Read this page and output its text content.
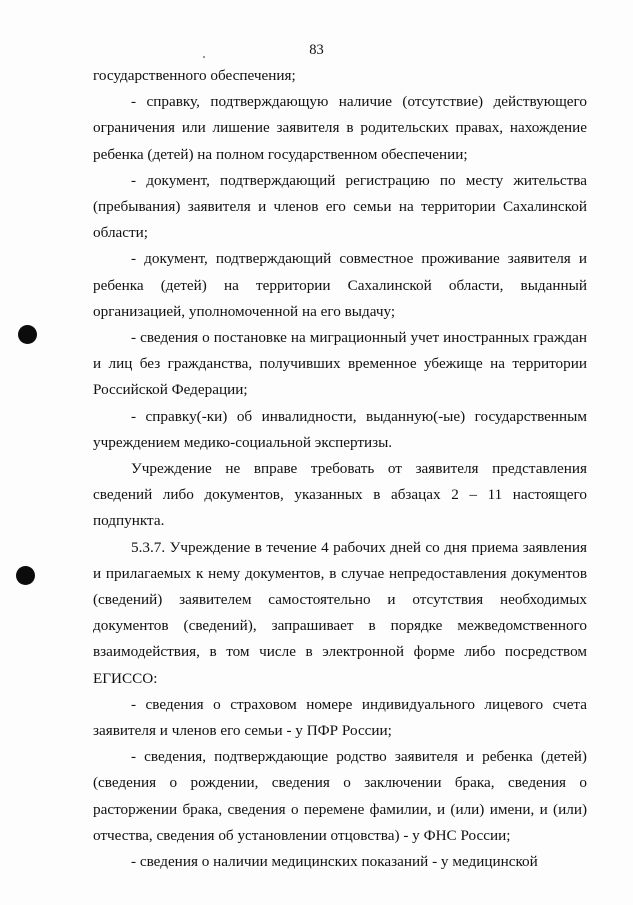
83

государственного обеспечения;

- справку, подтверждающую наличие (отсутствие) действующего ограничения или лишение заявителя в родительских правах, нахождение ребенка (детей) на полном государственном обеспечении;

- документ, подтверждающий регистрацию по месту жительства (пребывания) заявителя и членов его семьи на территории Сахалинской области;

- документ, подтверждающий совместное проживание заявителя и ребенка (детей) на территории Сахалинской области, выданный организацией, уполномоченной на его выдачу;

- сведения о постановке на миграционный учет иностранных граждан и лиц без гражданства, получивших временное убежище на территории Российской Федерации;

- справку(-ки) об инвалидности, выданную(-ые) государственным учреждением медико-социальной экспертизы.

Учреждение не вправе требовать от заявителя представления сведений либо документов, указанных в абзацах 2 – 11 настоящего подпункта.

5.3.7. Учреждение в течение 4 рабочих дней со дня приема заявления и прилагаемых к нему документов, в случае непредоставления документов (сведений) заявителем самостоятельно и отсутствия необходимых документов (сведений), запрашивает в порядке межведомственного взаимодействия, в том числе в электронной форме либо посредством ЕГИССО:

- сведения о страховом номере индивидуального лицевого счета заявителя и членов его семьи - у ПФР России;

- сведения, подтверждающие родство заявителя и ребенка (детей) (сведения о рождении, сведения о заключении брака, сведения о расторжении брака, сведения о перемене фамилии, и (или) имени, и (или) отчества, сведения об установлении отцовства) - у ФНС России;

- сведения о наличии медицинских показаний - у медицинской
